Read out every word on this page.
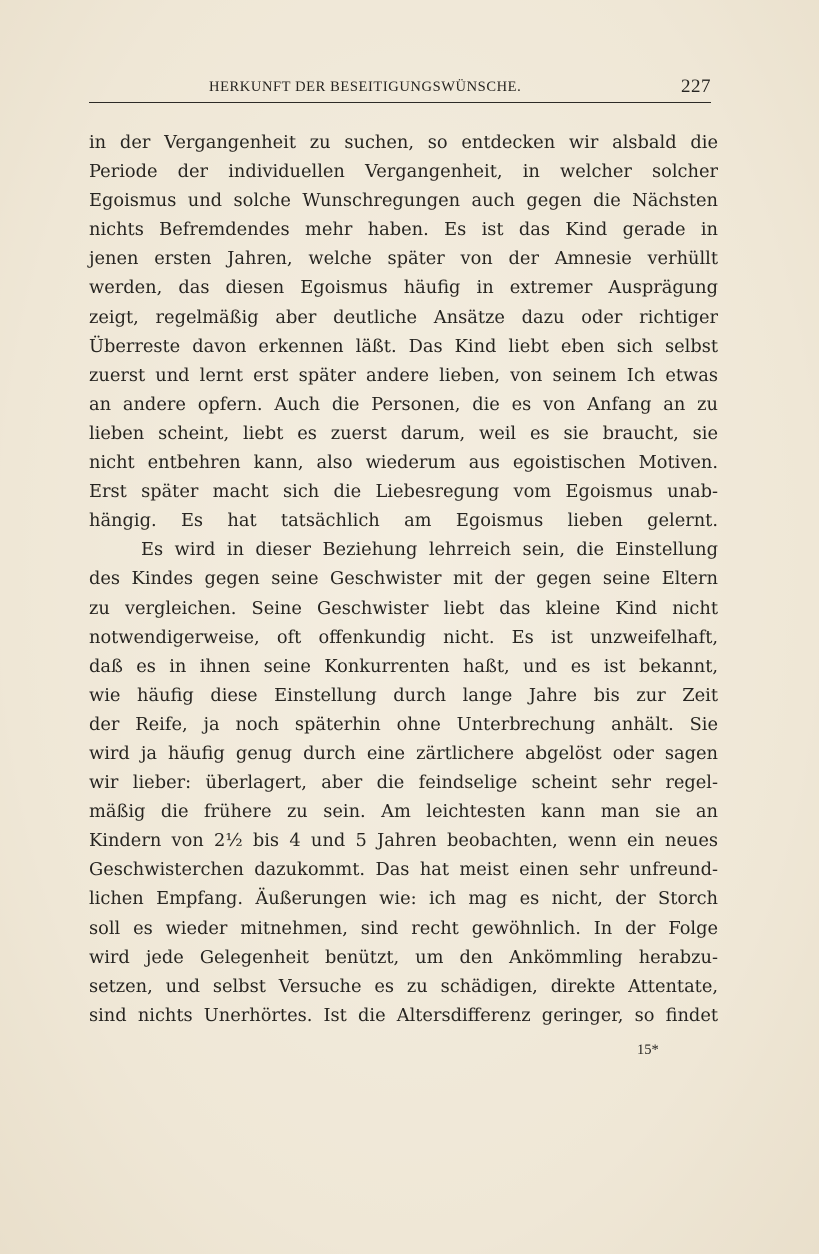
HERKUNFT DER BESEITIGUNGSWÜNSCHE.	227
in der Vergangenheit zu suchen, so entdecken wir alsbald die
Periode der individuellen Vergangenheit, in welcher solcher
Egoismus und solche Wunschregungen auch gegen die Nächsten
nichts Befremdendes mehr haben. Es ist das Kind gerade in
jenen ersten Jahren, welche später von der Amnesie verhüllt
werden, das diesen Egoismus häufig in extremer Ausprägung
zeigt, regelmäßig aber deutliche Ansätze dazu oder richtiger
Überreste davon erkennen läßt. Das Kind liebt eben sich selbst
zuerst und lernt erst später andere lieben, von seinem Ich etwas
an andere opfern. Auch die Personen, die es von Anfang an zu
lieben scheint, liebt es zuerst darum, weil es sie braucht, sie
nicht entbehren kann, also wiederum aus egoistischen Motiven.
Erst später macht sich die Liebesregung vom Egoismus unab-
hängig. Es hat tatsächlich am Egoismus lieben gelernt.
Es wird in dieser Beziehung lehrreich sein, die Einstellung
des Kindes gegen seine Geschwister mit der gegen seine Eltern
zu vergleichen. Seine Geschwister liebt das kleine Kind nicht
notwendigerweise, oft offenkundig nicht. Es ist unzweifelhaft,
daß es in ihnen seine Konkurrenten haßt, und es ist bekannt,
wie häufig diese Einstellung durch lange Jahre bis zur Zeit
der Reife, ja noch späterhin ohne Unterbrechung anhält. Sie
wird ja häufig genug durch eine zärtlichere abgelöst oder sagen
wir lieber: überlagert, aber die feindselige scheint sehr regel-
mäßig die frühere zu sein. Am leichtesten kann man sie an
Kindern von 2½ bis 4 und 5 Jahren beobachten, wenn ein neues
Geschwisterchen dazukommt. Das hat meist einen sehr unfreund-
lichen Empfang. Äußerungen wie: ich mag es nicht, der Storch
soll es wieder mitnehmen, sind recht gewöhnlich. In der Folge
wird jede Gelegenheit benützt, um den Ankömmling herabzu-
setzen, und selbst Versuche es zu schädigen, direkte Attentate,
sind nichts Unerhörtes. Ist die Altersdifferenz geringer, so findet
15*
